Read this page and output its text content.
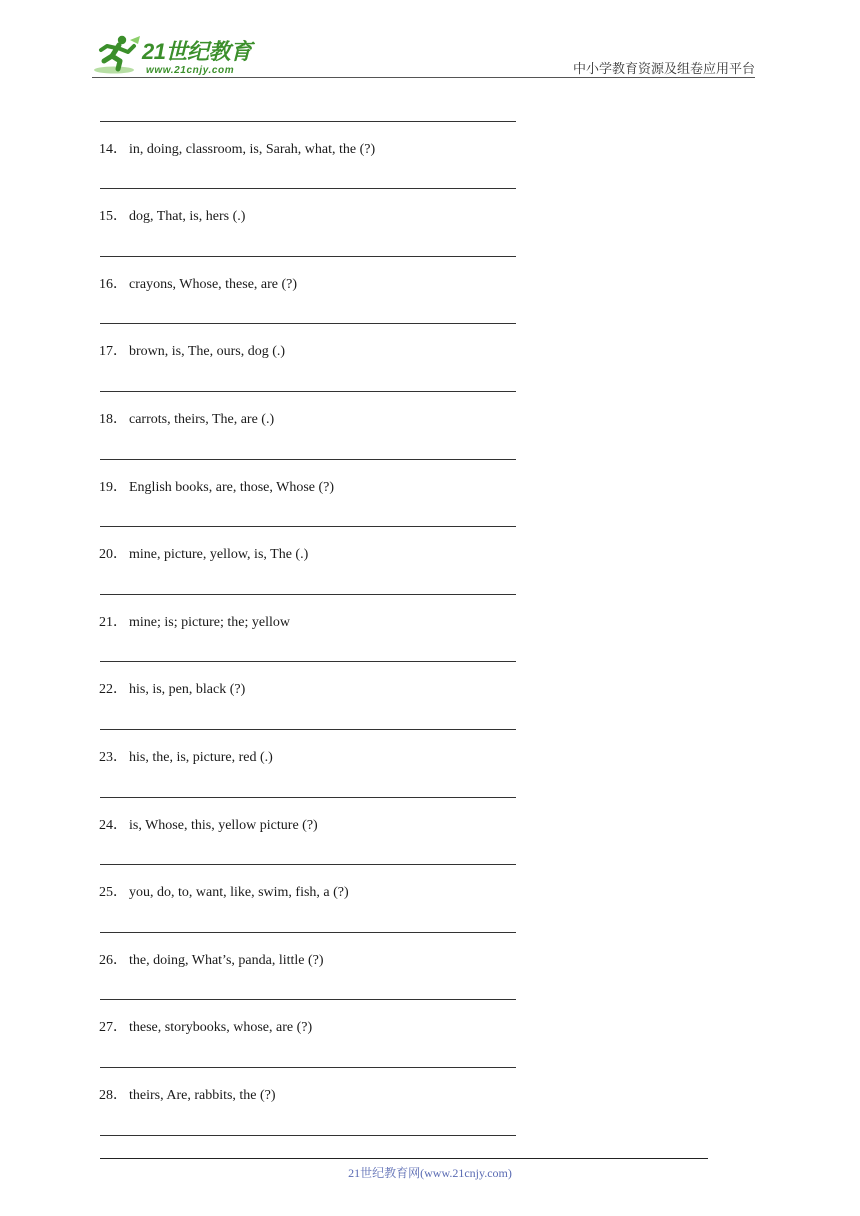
21世纪教育
www.21cnjy.com	中小学教育资源及组卷应用平台
14． in, doing, classroom, is, Sarah, what, the (?)
15． dog, That, is, hers (.)
16． crayons, Whose, these, are (?)
17． brown, is, The, ours, dog (.)
18． carrots, theirs, The, are (.)
19． English books, are, those, Whose (?)
20． mine, picture, yellow, is, The (.)
21． mine; is; picture; the; yellow
22． his, is, pen, black (?)
23． his, the, is, picture, red (.)
24． is, Whose, this, yellow picture (?)
25． you, do, to, want, like, swim, fish, a (?)
26． the, doing, What’s, panda, little (?)
27． these, storybooks, whose, are (?)
28． theirs, Are, rabbits, the (?)
21世纪教育网(www.21cnjy.com)
